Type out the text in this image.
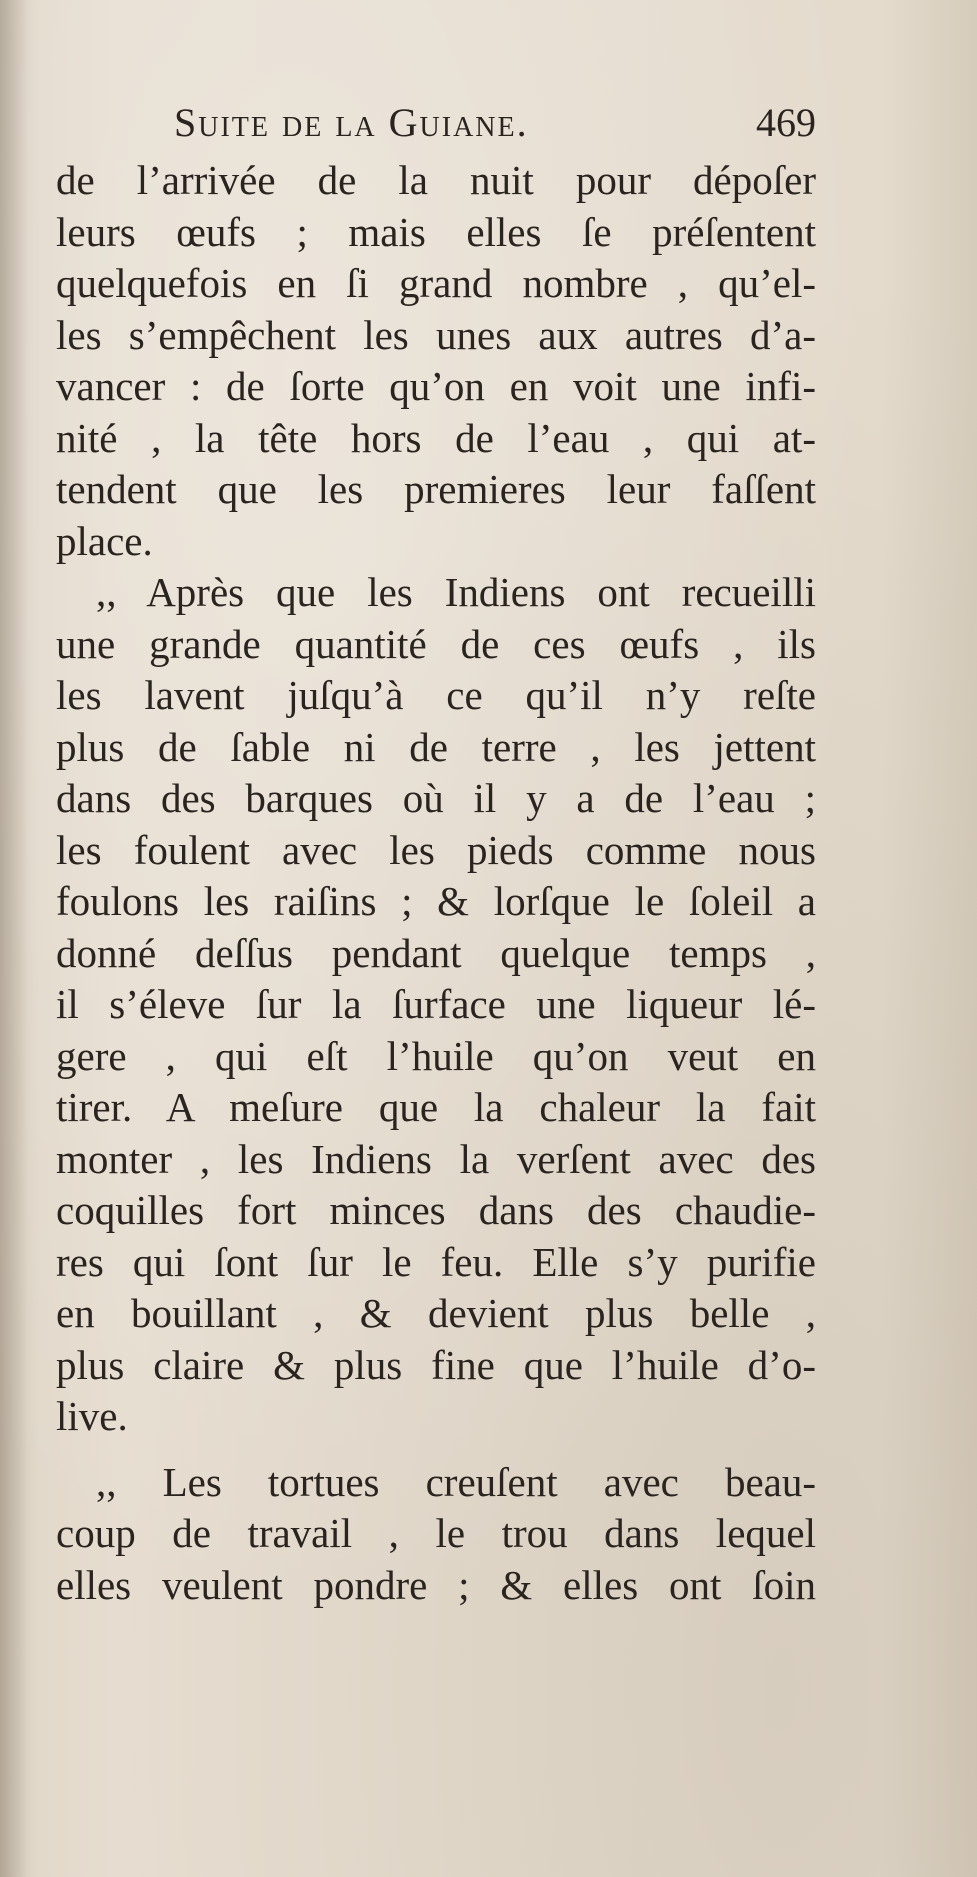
Suite de la Guiane.	469
de l’arrivée de la nuit pour dépoſer
leurs œufs ; mais elles ſe préſentent
quelquefois en ſi grand nombre , qu’el-
les s’empêchent les unes aux autres d’a-
vancer : de ſorte qu’on en voit une infi-
nité , la tête hors de l’eau , qui at-
tendent que les premieres leur faſſent
place.
,, Après que les Indiens ont recueilli
une grande quantité de ces œufs , ils
les lavent juſqu’à ce qu’il n’y reſte
plus de ſable ni de terre , les jettent
dans des barques où il y a de l’eau ;
les foulent avec les pieds comme nous
foulons les raiſins ; & lorſque le ſoleil a
donné deſſus pendant quelque temps ,
il s’éleve ſur la ſurface une liqueur lé-
gere , qui eſt l’huile qu’on veut en
tirer. A meſure que la chaleur la fait
monter , les Indiens la verſent avec des
coquilles fort minces dans des chaudie-
res qui ſont ſur le feu. Elle s’y purifie
en bouillant , & devient plus belle ,
plus claire & plus fine que l’huile d’o-
live.
,, Les tortues creuſent avec beau-
coup de travail , le trou dans lequel
elles veulent pondre ; & elles ont ſoin
